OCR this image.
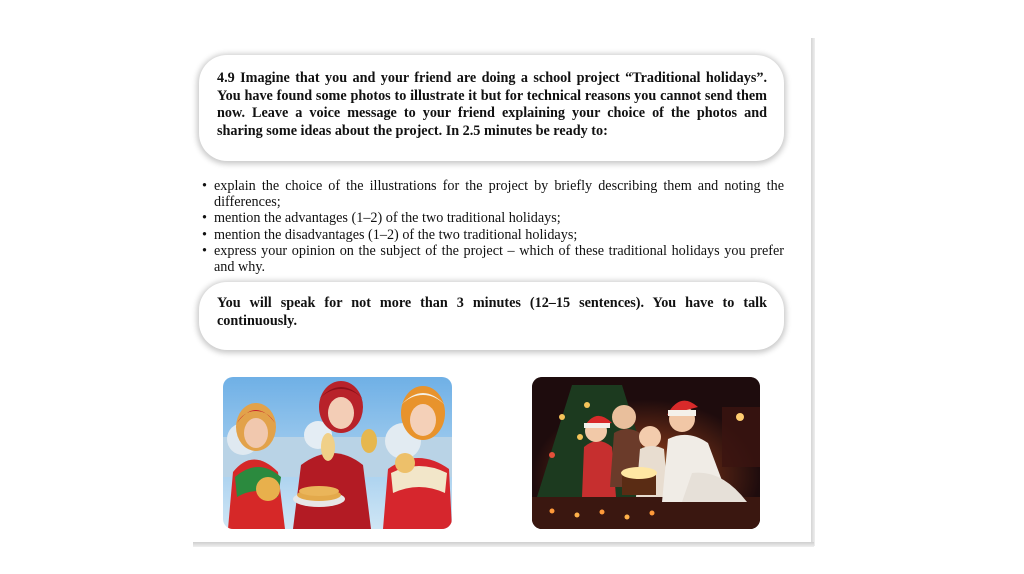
4.9 Imagine that you and your friend are doing a school project “Traditional holidays”. You have found some photos to illustrate it but for technical reasons you cannot send them now. Leave a voice message to your friend explaining your choice of the photos and sharing some ideas about the project. In 2.5 minutes be ready to:
• explain the choice of the illustrations for the project by briefly describing them and noting the differences;
• mention the advantages (1–2) of the two traditional holidays;
• mention the disadvantages (1–2) of the two traditional holidays;
• express your opinion on the subject of the project – which of these traditional holidays you prefer and why.
You will speak for not more than 3 minutes (12–15 sentences). You have to talk continuously.
